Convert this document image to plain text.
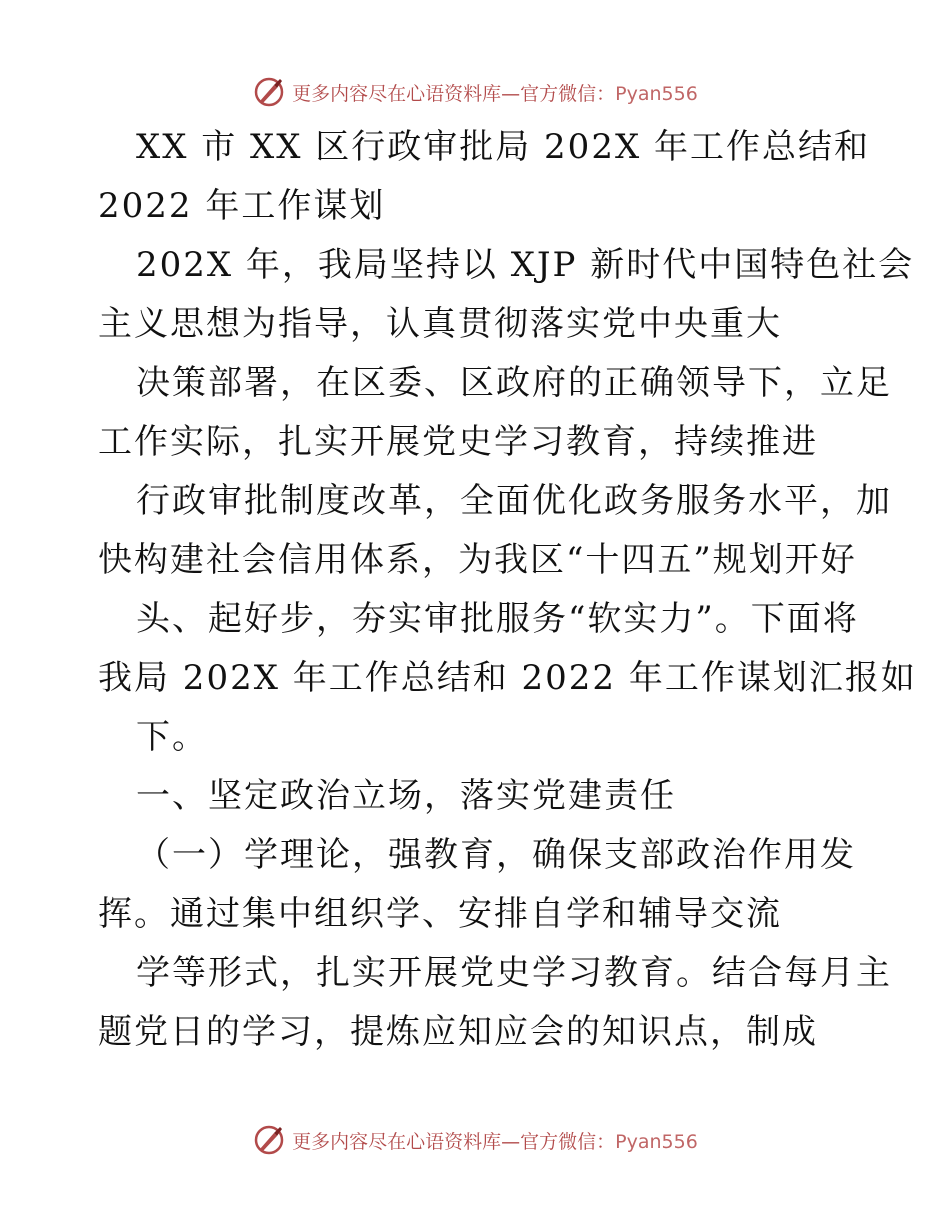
更多内容尽在心语资料库—官方微信：Pyan556
XX 市 XX 区行政审批局 202X 年工作总结和
2022 年工作谋划
202X 年，我局坚持以 XJP 新时代中国特色社会
主义思想为指导，认真贯彻落实党中央重大
决策部署，在区委、区政府的正确领导下，立足
工作实际，扎实开展党史学习教育，持续推进
行政审批制度改革，全面优化政务服务水平，加
快构建社会信用体系，为我区“十四五”规划开好
头、起好步，夯实审批服务“软实力”。下面将
我局 202X 年工作总结和 2022 年工作谋划汇报如
下。
一、坚定政治立场，落实党建责任
（一）学理论，强教育，确保支部政治作用发
挥。通过集中组织学、安排自学和辅导交流
学等形式，扎实开展党史学习教育。结合每月主
题党日的学习，提炼应知应会的知识点，制成
更多内容尽在心语资料库—官方微信：Pyan556
